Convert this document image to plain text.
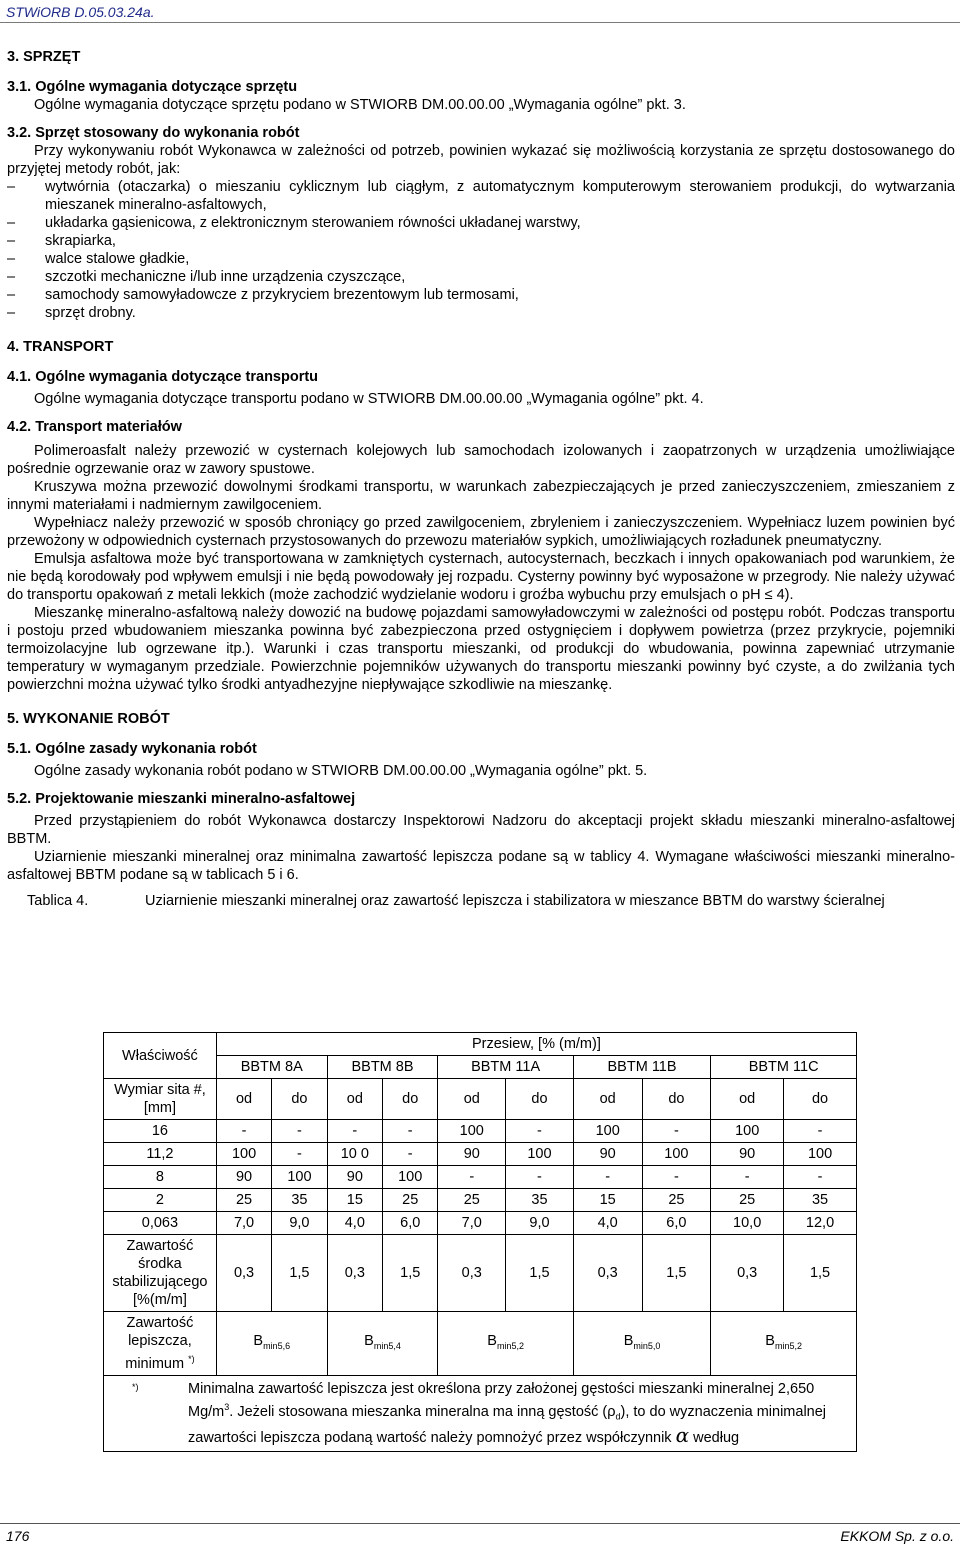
STWiORB D.05.03.24a.
3. SPRZĘT
3.1. Ogólne wymagania dotyczące sprzętu

Ogólne wymagania dotyczące sprzętu podano w STWIORB DM.00.00.00 „Wymagania ogólne” pkt. 3.

3.2. Sprzęt stosowany do wykonania robót

Przy wykonywaniu robót Wykonawca w zależności od potrzeb, powinien wykazać się możliwością korzystania ze sprzętu dostosowanego do przyjętej metody robót, jak:

–	wytwórnia (otaczarka) o mieszaniu cyklicznym lub ciągłym, z automatycznym komputerowym sterowaniem produkcji, do wytwarzania mieszanek mineralno-asfaltowych,
–	układarka gąsienicowa, z elektronicznym sterowaniem równości układanej warstwy,
–	skrapiarka,
–	walce stalowe gładkie,
–	szczotki mechaniczne i/lub inne urządzenia czyszczące,
–	samochody samowyładowcze z przykryciem brezentowym lub termosami,
–	sprzęt drobny.
4. TRANSPORT
4.1. Ogólne wymagania dotyczące transportu

Ogólne wymagania dotyczące transportu podano w STWIORB DM.00.00.00 „Wymagania ogólne” pkt. 4.

4.2. Transport materiałów

Polimeroasfalt należy przewozić w cysternach kolejowych lub samochodach izolowanych i zaopatrzonych w urządzenia umożliwiające pośrednie ogrzewanie oraz w zawory spustowe.

Kruszywa można przewozić dowolnymi środkami transportu, w warunkach zabezpieczających je przed zanieczyszczeniem, zmieszaniem z innymi materiałami i nadmiernym zawilgoceniem.

Wypełniacz należy przewozić w sposób chroniący go przed zawilgoceniem, zbryleniem i zanieczyszczeniem. Wypełniacz luzem powinien być przewożony w odpowiednich cysternach przystosowanych do przewozu materiałów sypkich, umożliwiających rozładunek pneumatyczny.

Emulsja asfaltowa może być transportowana w zamkniętych cysternach, autocysternach, beczkach i innych opakowaniach pod warunkiem, że nie będą korodowały pod wpływem emulsji i nie będą powodowały jej rozpadu. Cysterny powinny być wyposażone w przegrody. Nie należy używać do transportu opakowań z metali lekkich (może zachodzić wydzielanie wodoru i groźba wybuchu przy emulsjach o pH ≤ 4).

Mieszankę mineralno-asfaltową należy dowozić na budowę pojazdami samowyładowczymi w zależności od postępu robót. Podczas transportu i postoju przed wbudowaniem mieszanka powinna być zabezpieczona przed ostygnięciem i dopływem powietrza (przez przykrycie, pojemniki termoizolacyjne lub ogrzewane itp.). Warunki i czas transportu mieszanki, od produkcji do wbudowania, powinna zapewniać utrzymanie temperatury w wymaganym przedziale. Powierzchnie pojemników używanych do transportu mieszanki powinny być czyste, a do zwilżania tych powierzchni można używać tylko środki antyadhezyjne niepływające szkodliwie na mieszankę.

5. WYKONANIE ROBÓT
5.1. Ogólne zasady wykonania robót

Ogólne zasady wykonania robót podano w STWIORB DM.00.00.00 „Wymagania ogólne” pkt. 5.

5.2. Projektowanie mieszanki mineralno-asfaltowej

Przed przystąpieniem do robót Wykonawca dostarczy Inspektorowi Nadzoru do akceptacji projekt składu mieszanki mineralno-asfaltowej BBTM.

Uziarnienie mieszanki mineralnej oraz minimalna zawartość lepiszcza podane są w tablicy 4. Wymagane właściwości mieszanki mineralno-asfaltowej BBTM podane są w tablicach 5 i 6.

Tablica 4.	Uziarnienie mieszanki mineralnej oraz zawartość lepiszcza i stabilizatora w mieszance BBTM do warstwy ścieralnej
Właściwość	Przesiew, [% (m/m)]									
	BBTM 8A		BBTM 8B		BBTM 11A		BBTM 11B		BBTM 11C	
Wymiar sita #, [mm]	od	do	od	do	od	do	od	do	od	do
16	-	-	-	-	100	-	100	-	100	-
11,2	100	-	10 0	-	90	100	90	100	90	100
8	90	100	90	100	-	-	-	-	-	-
2	25	35	15	25	25	35	15	25	25	35
0,063	7,0	9,0	4,0	6,0	7,0	9,0	4,0	6,0	10,0	12,0
Zawartość środka stabilizującego [%(m/m]	0,3	1,5	0,3	1,5	0,3	1,5	0,3	1,5	0,3	1,5
Zawartość lepiszcza, minimum *)	$B_{min5,6}$		$B_{min5,4}$		$B_{min5,2}$		$B_{min5,0}$		$B_{min5,2}$

*) Minimalna zawartość lepiszcza jest określona przy założonej gęstości mieszanki mineralnej 2,650 $Mg/m^3$. Jeżeli stosowana mieszanka mineralna ma inną gęstość $(\rho_d)$, to do wyznaczenia minimalnej zawartości lepiszcza podaną wartość należy pomnożyć przez współczynnik α według										
176	EKKOM Sp. z o.o.
